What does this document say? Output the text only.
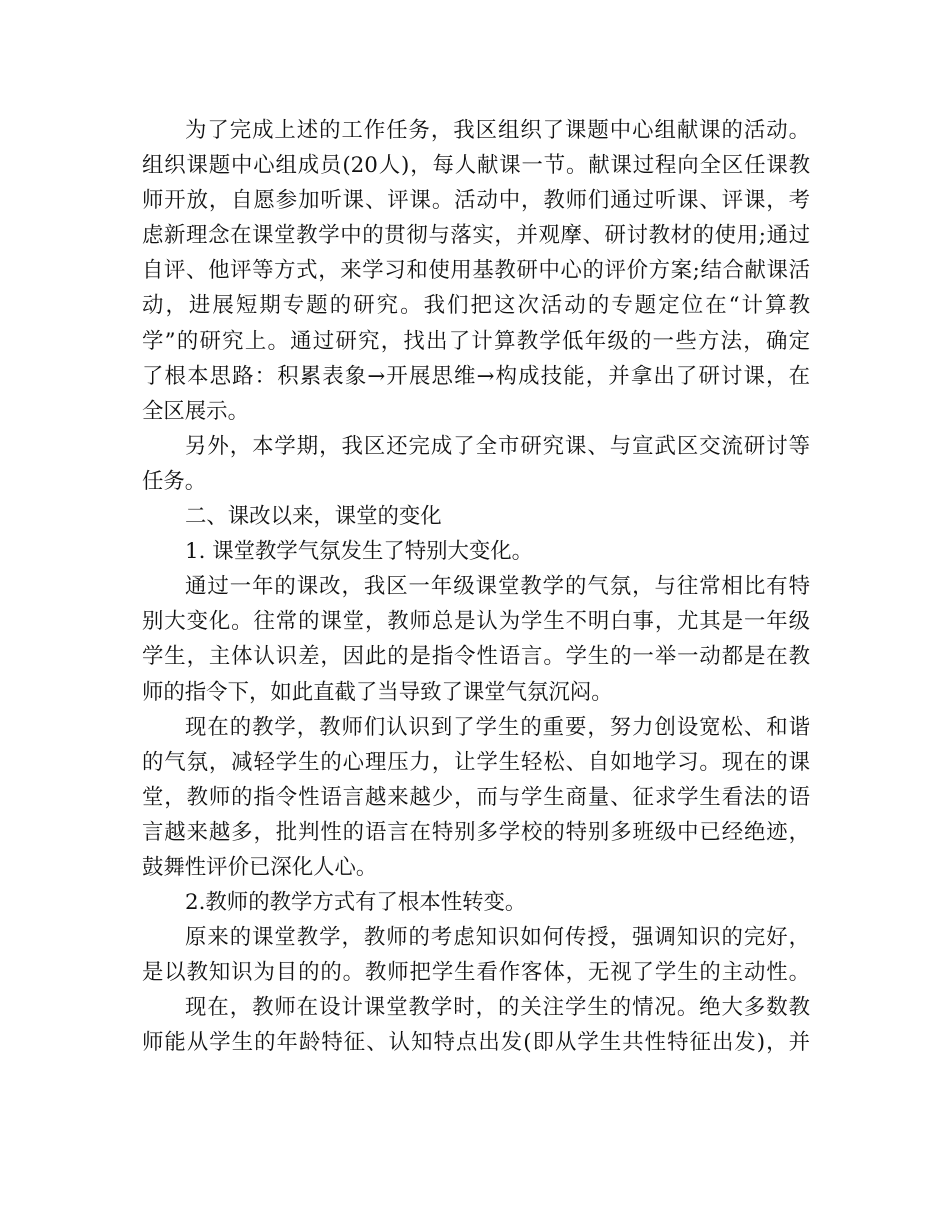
为了完成上述的工作任务，我区组织了课题中心组献课的活动。
组织课题中心组成员(20人)，每人献课一节。献课过程向全区任课教
师开放，自愿参加听课、评课。活动中，教师们通过听课、评课，考
虑新理念在课堂教学中的贯彻与落实，并观摩、研讨教材的使用;通过
自评、他评等方式，来学习和使用基教研中心的评价方案;结合献课活
动，进展短期专题的研究。我们把这次活动的专题定位在“计算教
学”的研究上。通过研究，找出了计算教学低年级的一些方法，确定
了根本思路：积累表象→开展思维→构成技能，并拿出了研讨课，在
全区展示。
另外，本学期，我区还完成了全市研究课、与宣武区交流研讨等
任务。
二、课改以来，课堂的变化
1. 课堂教学气氛发生了特别大变化。
通过一年的课改，我区一年级课堂教学的气氛，与往常相比有特
别大变化。往常的课堂，教师总是认为学生不明白事，尤其是一年级
学生，主体认识差，因此的是指令性语言。学生的一举一动都是在教
师的指令下，如此直截了当导致了课堂气氛沉闷。
现在的教学，教师们认识到了学生的重要，努力创设宽松、和谐
的气氛，减轻学生的心理压力，让学生轻松、自如地学习。现在的课
堂，教师的指令性语言越来越少，而与学生商量、征求学生看法的语
言越来越多，批判性的语言在特别多学校的特别多班级中已经绝迹，
鼓舞性评价已深化人心。
2.教师的教学方式有了根本性转变。
原来的课堂教学，教师的考虑知识如何传授，强调知识的完好，
是以教知识为目的的。教师把学生看作客体，无视了学生的主动性。
现在，教师在设计课堂教学时，的关注学生的情况。绝大多数教
师能从学生的年龄特征、认知特点出发(即从学生共性特征出发)，并
